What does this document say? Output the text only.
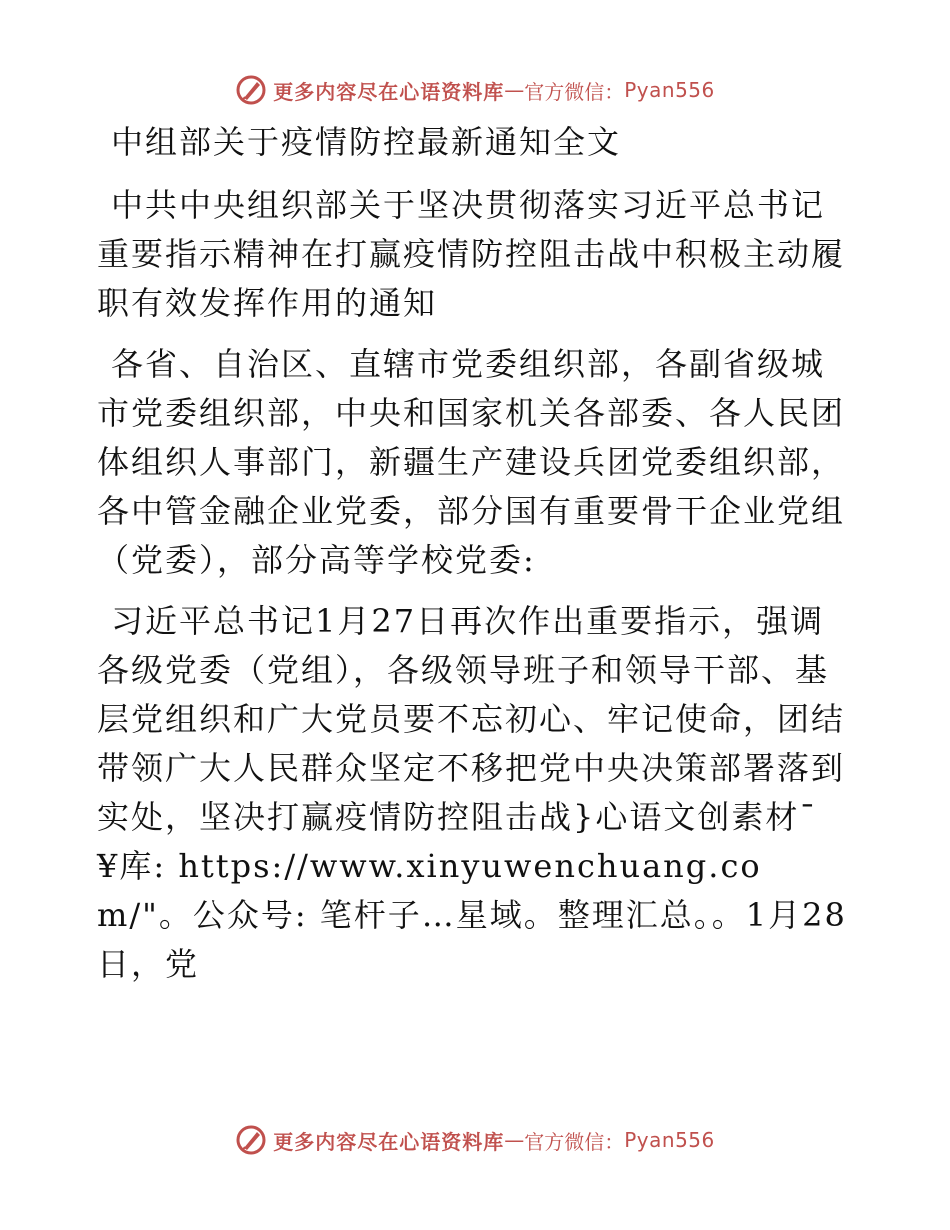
更多内容尽在心语资料库 — 官方微信： Pyan556

中组部关于疫情防控最新通知全文

中共中央组织部关于坚决贯彻落实习近平总书记重要指示精神在打赢疫情防控阻击战中积极主动履职有效发挥作用的通知

各省、自治区、直辖市党委组织部，各副省级城市党委组织部，中央和国家机关各部委、各人民团体组织人事部门，新疆生产建设兵团党委组织部，各中管金融企业党委，部分国有重要骨干企业党组（党委），部分高等学校党委:

习近平总书记1月27日再次作出重要指示，强调各级党委（党组），各级领导班子和领导干部、基层党组织和广大党员要不忘初心、牢记使命，团结带领广大人民群众坚定不移把党中央决策部署落到实处，坚决打赢疫情防控阻击战}心语文创素材¯¥库: https://www.xinyuwenchuang.com/"。公众号: 笔杆子…星域。整理汇总。。1月28日，党

更多内容尽在心语资料库 — 官方微信： Pyan556
